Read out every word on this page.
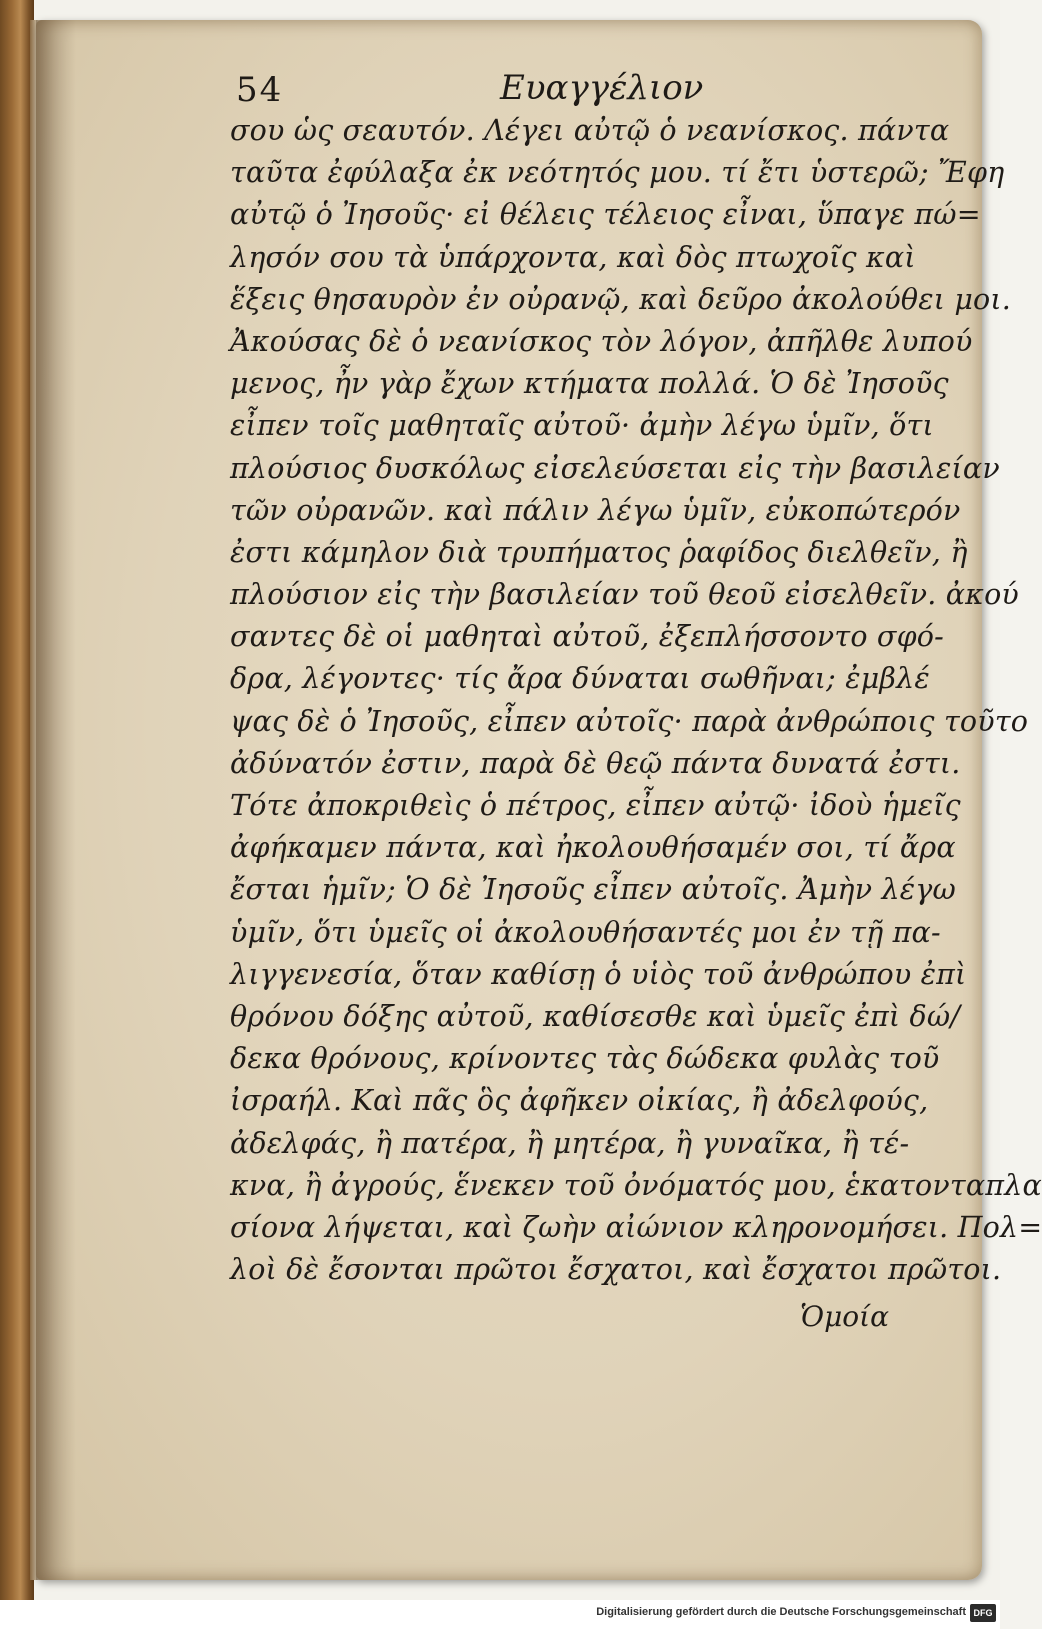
54	Ευαγγέλιον
σου ὡς σεαυτόν. Λέγει αὐτῷ ὁ νεανίσκος. πάντα
ταῦτα ἐφύλαξα ἐκ νεότητός μου. τί ἔτι ὑστερῶ; Ἔφη
αὐτῷ ὁ Ἰησοῦς· εἰ θέλεις τέλειος εἶναι, ὕπαγε πώ=
λησόν σου τὰ ὑπάρχοντα, καὶ δὸς πτωχοῖς καὶ
ἕξεις θησαυρὸν ἐν οὐρανῷ, καὶ δεῦρο ἀκολούθει μοι.
Ἀκούσας δὲ ὁ νεανίσκος τὸν λόγον, ἀπῆλθε λυπού
μενος, ἦν γὰρ ἔχων κτήματα πολλά. Ὁ δὲ Ἰησοῦς
εἶπεν τοῖς μαθηταῖς αὐτοῦ· ἀμὴν λέγω ὑμῖν, ὅτι
πλούσιος δυσκόλως εἰσελεύσεται εἰς τὴν βασιλείαν
τῶν οὐρανῶν. καὶ πάλιν λέγω ὑμῖν, εὐκοπώτερόν
ἐστι κάμηλον διὰ τρυπήματος ῥαφίδος διελθεῖν, ἢ
πλούσιον εἰς τὴν βασιλείαν τοῦ θεοῦ εἰσελθεῖν. ἀκού
σαντες δὲ οἱ μαθηταὶ αὐτοῦ, ἐξεπλήσσοντο σφό-
δρα, λέγοντες· τίς ἄρα δύναται σωθῆναι; ἐμβλέ
ψας δὲ ὁ Ἰησοῦς, εἶπεν αὐτοῖς· παρὰ ἀνθρώποις τοῦτο
ἀδύνατόν ἐστιν, παρὰ δὲ θεῷ πάντα δυνατά ἐστι.
Τότε ἀποκριθεὶς ὁ πέτρος, εἶπεν αὐτῷ· ἰδοὺ ἡμεῖς
ἀφήκαμεν πάντα, καὶ ἠκολουθήσαμέν σοι, τί ἄρα
ἔσται ἡμῖν; Ὁ δὲ Ἰησοῦς εἶπεν αὐτοῖς. Ἀμὴν λέγω
ὑμῖν, ὅτι ὑμεῖς οἱ ἀκολουθήσαντές μοι ἐν τῇ πα-
λιγγενεσία, ὅταν καθίσῃ ὁ υἱὸς τοῦ ἀνθρώπου ἐπὶ
θρόνου δόξης αὐτοῦ, καθίσεσθε καὶ ὑμεῖς ἐπὶ δώ/
δεκα θρόνους, κρίνοντες τὰς δώδεκα φυλὰς τοῦ
ἰσραήλ. Καὶ πᾶς ὃς ἀφῆκεν οἰκίας, ἢ ἀδελφούς,
ἀδελφάς, ἢ πατέρα, ἢ μητέρα, ἢ γυναῖκα, ἢ τέ-
κνα, ἢ ἀγρούς, ἕνεκεν τοῦ ὀνόματός μου, ἑκατονταπλα
σίονα λήψεται, καὶ ζωὴν αἰώνιον κληρονομήσει. Πολ=
λοὶ δὲ ἔσονται πρῶτοι ἔσχατοι, καὶ ἔσχατοι πρῶτοι.
Ὁμοία
Digitalisierung gefördert durch die Deutsche Forschungsgemeinschaft DFG
